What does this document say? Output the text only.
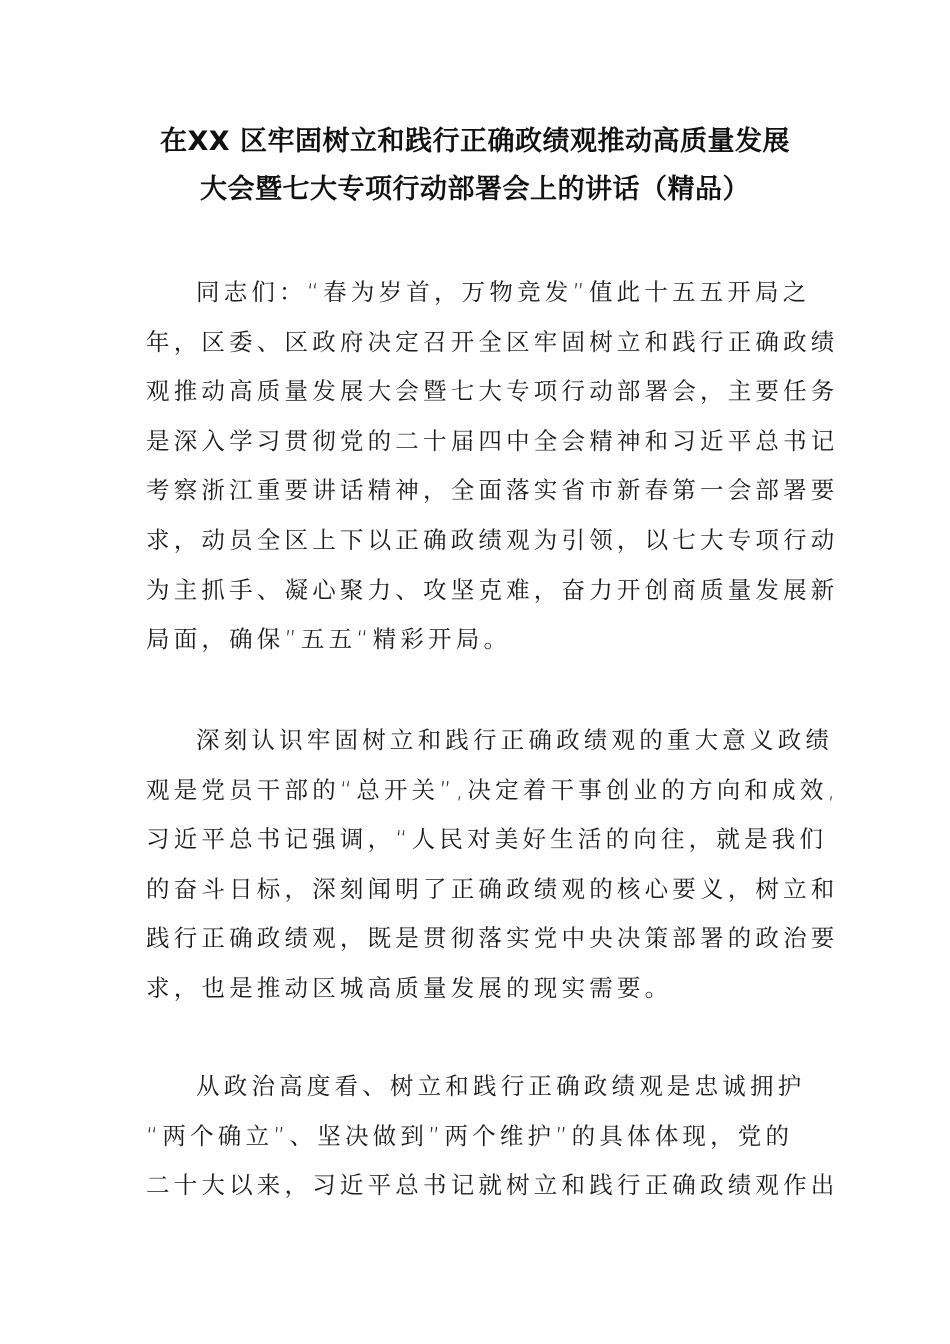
在XX 区牢固树立和践行正确政绩观推动高质量发展
大会暨七大专项行动部署会上的讲话（精品）
同志们：“春为岁首，万物竞发”值此十五五开局之
年，区委、区政府决定召开全区牢固树立和践行正确政绩
观推动高质量发展大会暨七大专项行动部署会，主要任务
是深入学习贯彻党的二十届四中全会精神和习近平总书记
考察浙江重要讲话精神，全面落实省市新春第一会部署要
求，动员全区上下以正确政绩观为引领，以七大专项行动
为主抓手、凝心聚力、攻坚克难，奋力开创商质量发展新
局面，确保”五五“精彩开局。
深刻认识牢固树立和践行正确政绩观的重大意义政绩
观是党员干部的“总开关”,决定着干事创业的方向和成效,
习近平总书记强调，“人民对美好生活的向往，就是我们
的奋斗日标，深刻闻明了正确政绩观的核心要义，树立和
践行正确政绩观，既是贯彻落实党中央决策部署的政治要
求，也是推动区城高质量发展的现实需要。
从政治高度看、树立和践行正确政绩观是忠诚拥护
“两个确立”、坚决做到”两个维护”的具体体现，党的
二十大以来，习近平总书记就树立和践行正确政绩观作出
